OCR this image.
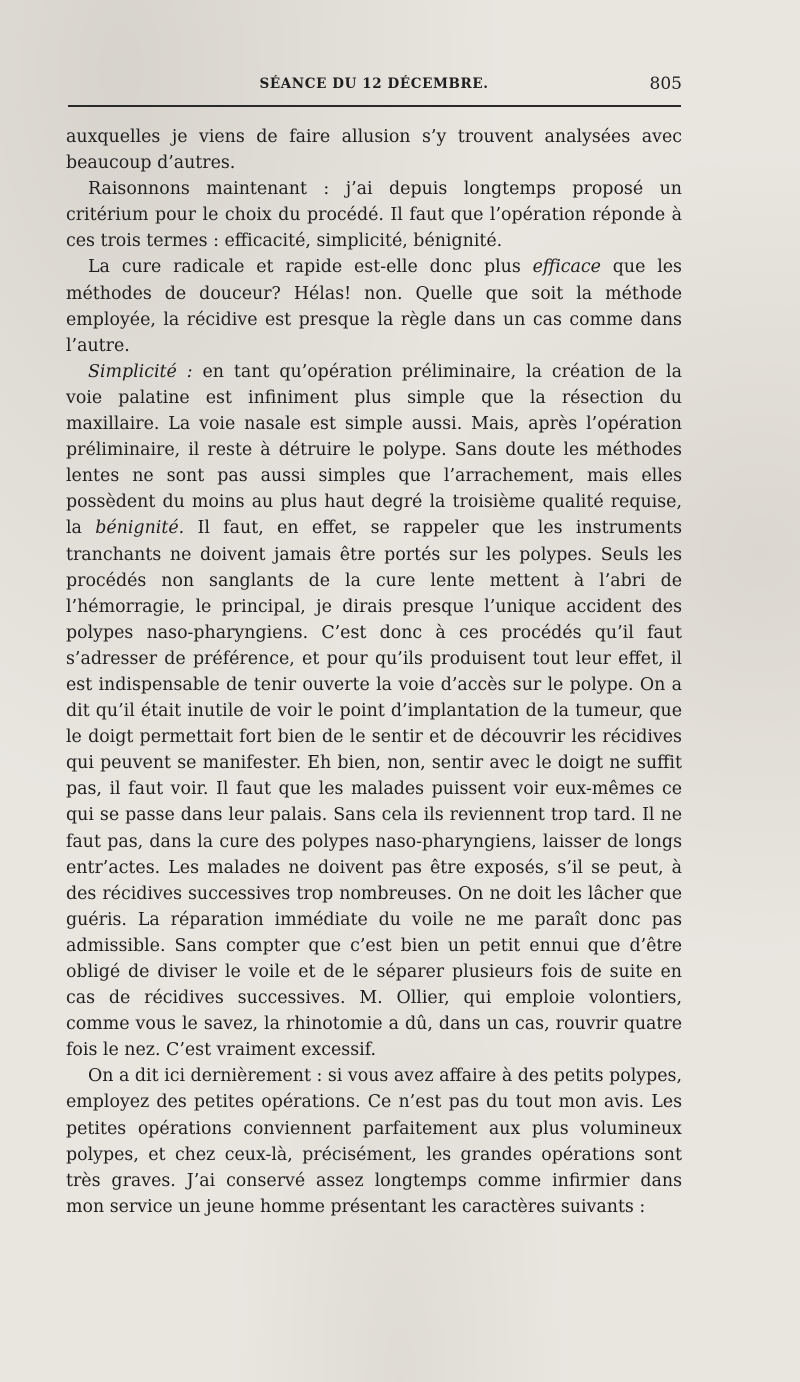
SÉANCE DU 12 DÉCEMBRE.	805

auxquelles je viens de faire allusion s’y trouvent analysées avec beaucoup d’autres.

Raisonnons maintenant : j’ai depuis longtemps proposé un critérium pour le choix du procédé. Il faut que l’opération réponde à ces trois termes : efficacité, simplicité, bénignité.

La cure radicale et rapide est-elle donc plus efficace que les méthodes de douceur? Hélas! non. Quelle que soit la méthode employée, la récidive est presque la règle dans un cas comme dans l’autre.

Simplicité : en tant qu’opération préliminaire, la création de la voie palatine est infiniment plus simple que la résection du maxillaire. La voie nasale est simple aussi. Mais, après l’opération préliminaire, il reste à détruire le polype. Sans doute les méthodes lentes ne sont pas aussi simples que l’arrachement, mais elles possèdent du moins au plus haut degré la troisième qualité requise, la bénignité. Il faut, en effet, se rappeler que les instruments tranchants ne doivent jamais être portés sur les polypes. Seuls les procédés non sanglants de la cure lente mettent à l’abri de l’hémorragie, le principal, je dirais presque l’unique accident des polypes naso-pharyngiens. C’est donc à ces procédés qu’il faut s’adresser de préférence, et pour qu’ils produisent tout leur effet, il est indispensable de tenir ouverte la voie d’accès sur le polype. On a dit qu’il était inutile de voir le point d’implantation de la tumeur, que le doigt permettait fort bien de le sentir et de découvrir les récidives qui peuvent se manifester. Eh bien, non, sentir avec le doigt ne suffit pas, il faut voir. Il faut que les malades puissent voir eux-mêmes ce qui se passe dans leur palais. Sans cela ils reviennent trop tard. Il ne faut pas, dans la cure des polypes naso-pharyngiens, laisser de longs entr’actes. Les malades ne doivent pas être exposés, s’il se peut, à des récidives successives trop nombreuses. On ne doit les lâcher que guéris. La réparation immédiate du voile ne me paraît donc pas admissible. Sans compter que c’est bien un petit ennui que d’être obligé de diviser le voile et de le séparer plusieurs fois de suite en cas de récidives successives. M. Ollier, qui emploie volontiers, comme vous le savez, la rhinotomie a dû, dans un cas, rouvrir quatre fois le nez. C’est vraiment excessif.

On a dit ici dernièrement : si vous avez affaire à des petits polypes, employez des petites opérations. Ce n’est pas du tout mon avis. Les petites opérations conviennent parfaitement aux plus volumineux polypes, et chez ceux-là, précisément, les grandes opérations sont très graves. J’ai conservé assez longtemps comme infirmier dans mon service un jeune homme présentant les caractères suivants :
